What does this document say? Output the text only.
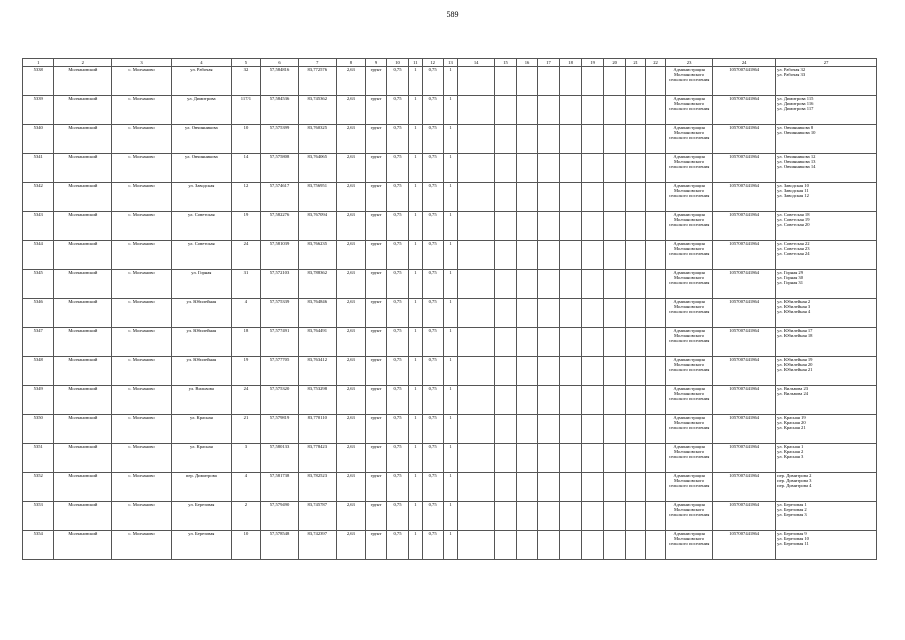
589
1	2	3	4	5	6	7	8	9	10	11	12	13	14	15	16	17	18	19	20	21	22	23	24	27
5338	Молчановский	с. Молчаново	ул. Рабочая	32	57,584816	83,772576	2,63	грунт	0,75	1	0,75	1										Администрация Молчановского сельского поселения	1057007441864	ул. Рабочая 32
ул. Рабочая 33

5339	Молчановский	с. Молчаново	ул. Димитрова	117/1	57,584536	83,745362	2,63	грунт	0,75	1	0,75	1										Администрация Молчановского сельского поселения	1057007441864	ул. Димитрова 115
ул. Димитрова 116
ул. Димитрова 117

5340	Молчановский	с. Молчаново	ул. Овчинникова	10	57,575399	83,760325	2,63	грунт	0,75	1	0,75	1										Администрация Молчановского сельского поселения	1057007441864	ул. Овчинникова 8
ул. Овчинникова 10

5341	Молчановский	с. Молчаново	ул. Овчинникова	14	57,575808	83,764065	2,63	грунт	0,75	1	0,75	1										Администрация Молчановского сельского поселения	1057007441864	ул. Овчинникова 12
ул. Овчинникова 13
ул. Овчинникова 14

5342	Молчановский	с. Молчаново	ул. Заводская	12	57,574617	83,756951	2,63	грунт	0,75	1	0,75	1										Администрация Молчановского сельского поселения	1057007441864	ул. Заводская 10
ул. Заводская 11
ул. Заводская 12

5343	Молчановский	с. Молчаново	ул. Советская	19	57,582276	83,767094	2,63	грунт	0,75	1	0,75	1										Администрация Молчановского сельского поселения	1057007441864	ул. Советская 18
ул. Советская 19
ул. Советская 20

5344	Молчановский	с. Молчаново	ул. Советская	24	57,581039	83,766235	2,63	грунт	0,75	1	0,75	1										Администрация Молчановского сельского поселения	1057007441864	ул. Советская 22
ул. Советская 23
ул. Советская 24

5345	Молчановский	с. Молчаново	ул. Горная	31	57,572103	83,788362	2,63	грунт	0,75	1	0,75	1										Администрация Молчановского сельского поселения	1057007441864	ул. Горная 29
ул. Горная 30
ул. Горная 31

5346	Молчановский	с. Молчаново	ул. Юбилейная	4	57,575339	83,764846	2,63	грунт	0,75	1	0,75	1										Администрация Молчановского сельского поселения	1057007441864	ул. Юбилейная 2
ул. Юбилейная 3
ул. Юбилейная 4

5347	Молчановский	с. Молчаново	ул. Юбилейная	18	57,577491	83,764491	2,63	грунт	0,75	1	0,75	1										Администрация Молчановского сельского поселения	1057007441864	ул. Юбилейная 17
ул. Юбилейная 18

5348	Молчановский	с. Молчаново	ул. Юбилейная	19	57,577705	83,763412	2,63	грунт	0,75	1	0,75	1										Администрация Молчановского сельского поселения	1057007441864	ул. Юбилейная 19
ул. Юбилейная 20
ул. Юбилейная 21

5349	Молчановский	с. Молчаново	ул. Вильвова	24	57,575320	83,753298	2,63	грунт	0,75	1	0,75	1										Администрация Молчановского сельского поселения	1057007441864	ул. Вильвова 23
ул. Вильвова 24

5350	Молчановский	с. Молчаново	ул. Красная	21	57,579819	83,770110	2,63	грунт	0,75	1	0,75	1										Администрация Молчановского сельского поселения	1057007441864	ул. Красная 19
ул. Красная 20
ул. Красная 21

5351	Молчановский	с. Молчаново	ул. Красная	3	57,580133	83,778423	2,63	грунт	0,75	1	0,75	1										Администрация Молчановского сельского поселения	1057007441864	ул. Красная 1
ул. Красная 2
ул. Красная 3

5352	Молчановский	с. Молчаново	пер. Димитрова	4	57,581738	83,782523	2,63	грунт	0,75	1	0,75	1										Администрация Молчановского сельского поселения	1057007441864	пер. Димитрова 2
пер. Димитрова 3
пер. Димитрова 4

5353	Молчановский	с. Молчаново	ул. Березовая	2	57,579490	83,745787	2,63	грунт	0,75	1	0,75	1										Администрация Молчановского сельского поселения	1057007441864	ул. Березовая 1
ул. Березовая 2
ул. Березовая 3

5354	Молчановский	с. Молчаново	ул. Березовая	10	57,578548	83,742397	2,63	грунт	0,75	1	0,75	1										Администрация Молчановского сельского поселения	1057007441864	ул. Березовая 9
ул. Березовая 10
ул. Березовая 11
